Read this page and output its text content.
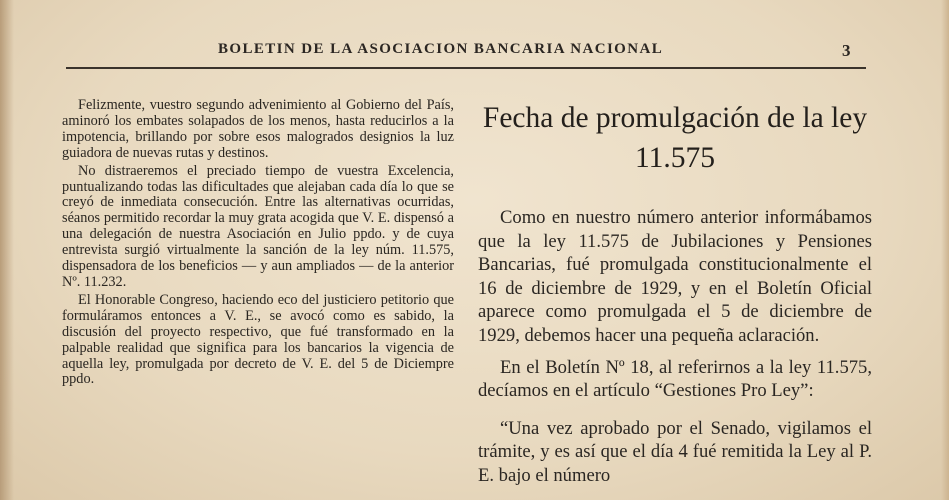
BOLETIN DE LA ASOCIACION BANCARIA NACIONAL	3

Felizmente, vuestro segundo advenimiento al Gobierno del País, aminoró los embates solapados de los menos, hasta reducirlos a la impotencia, brillando por sobre esos malogrados designios la luz guiadora de nuevas rutas y destinos.

No distraeremos el preciado tiempo de vuestra Excelencia, puntualizando todas las dificultades que alejaban cada día lo que se creyó de inmediata consecución. Entre las alternativas ocurridas, séanos permitido recordar la muy grata acogida que V. E. dispensó a una delegación de nuestra Asociación en Julio ppdo. y de cuya entrevista surgió virtualmente la sanción de la ley núm. 11.575, dispensadora de los beneficios — y aun ampliados — de la anterior Nº. 11.232.

El Honorable Congreso, haciendo eco del justiciero petitorio que formuláramos entonces a V. E., se avocó como es sabido, la discusión del proyecto respectivo, que fué transformado en la palpable realidad que significa para los bancarios la vigencia de aquella ley, promulgada por decreto de V. E. del 5 de Diciempre ppdo.

Fecha de promulgación de la ley 11.575

Como en nuestro número anterior informábamos que la ley 11.575 de Jubilaciones y Pensiones Bancarias, fué promulgada constitucionalmente el 16 de diciembre de 1929, y en el Boletín Oficial aparece como promulgada el 5 de diciembre de 1929, debemos hacer una pequeña aclaración.

En el Boletín Nº 18, al referirnos a la ley 11.575, decíamos en el artículo “Gestiones Pro Ley”:

“Una vez aprobado por el Senado, vigilamos el trámite, y es así que el día 4 fué remitida la Ley al P. E. bajo el número
